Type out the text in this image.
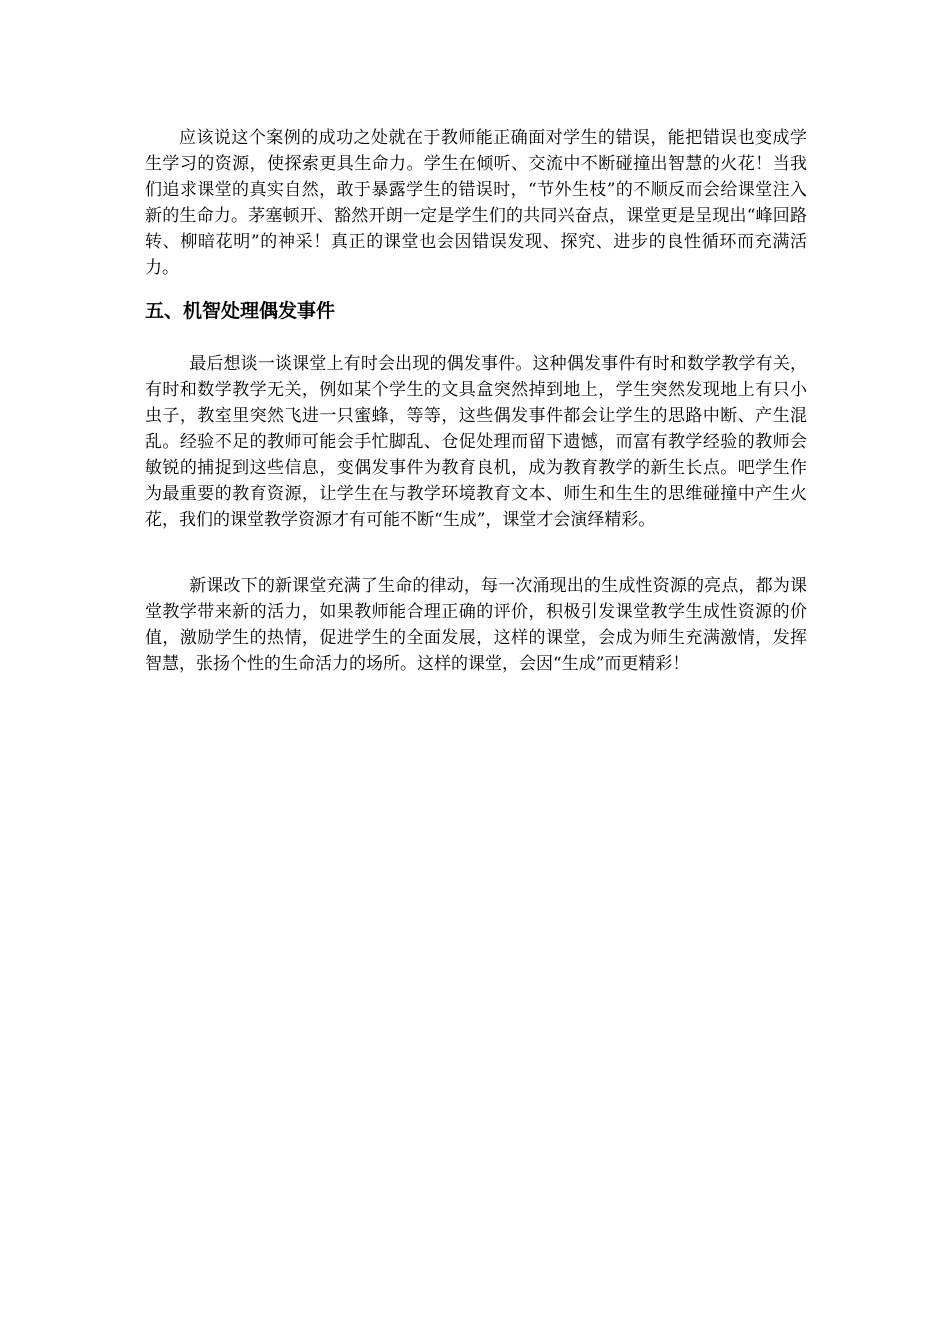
应该说这个案例的成功之处就在于教师能正确面对学生的错误，能把错误也变成学生学习的资源，使探索更具生命力。学生在倾听、交流中不断碰撞出智慧的火花！当我们追求课堂的真实自然，敢于暴露学生的错误时，“节外生枝”的不顺反而会给课堂注入新的生命力。茅塞顿开、豁然开朗一定是学生们的共同兴奋点，课堂更是呈现出“峰回路转、柳暗花明”的神采！真正的课堂也会因错误发现、探究、进步的良性循环而充满活力。

五、机智处理偶发事件

最后想谈一谈课堂上有时会出现的偶发事件。这种偶发事件有时和数学教学有关，有时和数学教学无关，例如某个学生的文具盒突然掉到地上，学生突然发现地上有只小虫子，教室里突然飞进一只蜜蜂，等等，这些偶发事件都会让学生的思路中断、产生混乱。经验不足的教师可能会手忙脚乱、仓促处理而留下遗憾，而富有教学经验的教师会敏锐的捕捉到这些信息，变偶发事件为教育良机，成为教育教学的新生长点。吧学生作为最重要的教育资源，让学生在与教学环境教育文本、师生和生生的思维碰撞中产生火花，我们的课堂教学资源才有可能不断“生成”，课堂才会演绎精彩。

新课改下的新课堂充满了生命的律动，每一次涌现出的生成性资源的亮点，都为课堂教学带来新的活力，如果教师能合理正确的评价，积极引发课堂教学生成性资源的价值，激励学生的热情，促进学生的全面发展，这样的课堂，会成为师生充满激情，发挥智慧，张扬个性的生命活力的场所。这样的课堂，会因“生成”而更精彩！
